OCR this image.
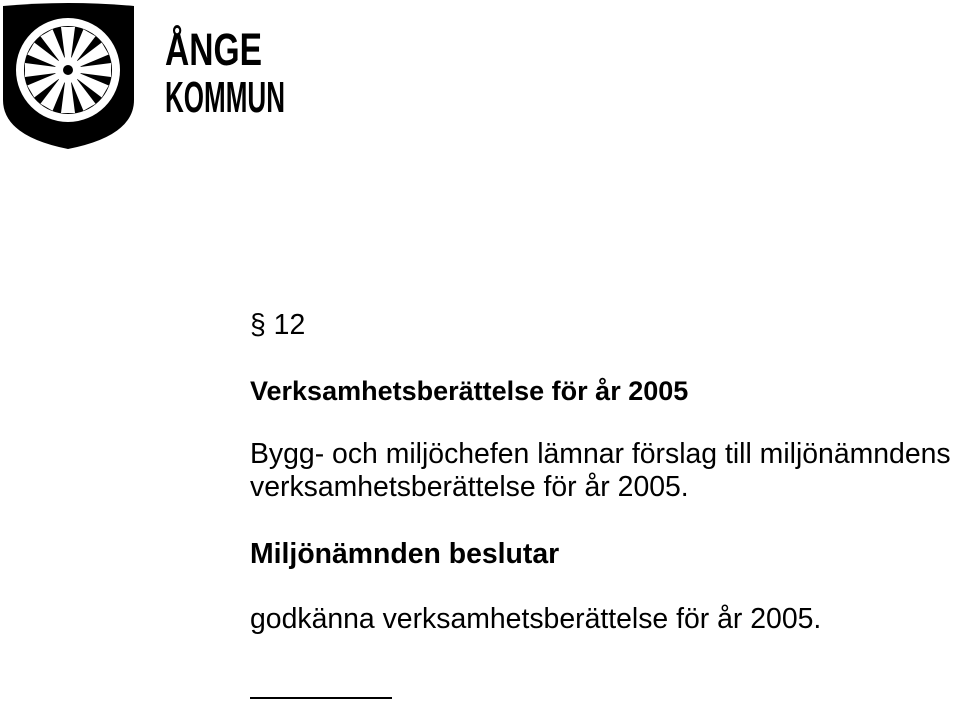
ÅNGE
KOMMUN

§ 12

Verksamhetsberättelse för år 2005

Bygg- och miljöchefen lämnar förslag till miljönämndens verksamhetsberättelse för år 2005.

Miljönämnden beslutar

godkänna verksamhetsberättelse för år 2005.
